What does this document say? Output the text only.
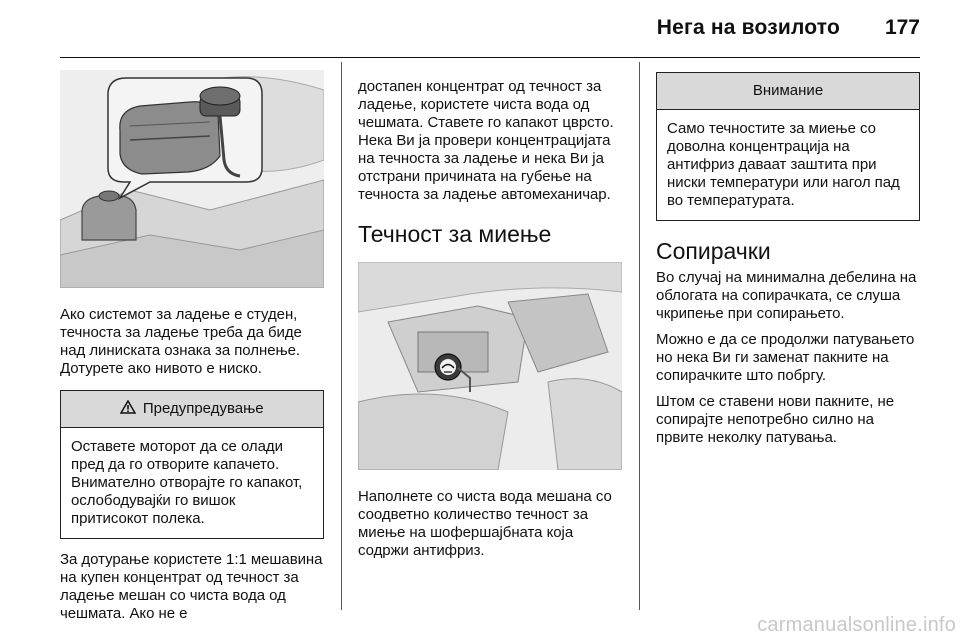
Нега на возилото	177

Ако системот за ладење е студен, течноста за ладење треба да биде над линиската ознака за полнење. Дотурете ако нивото е ниско.

Предупредување

Оставете моторот да се олади пред да го отворите капачето. Внимателно отворајте го капакот, ослободувајќи го вишок притисокот полека.

За дотурање користете 1:1 мешавина на купен концентрат од течност за ладење мешан со чиста вода од чешмата. Ако не е

достапен концентрат од течност за ладење, користете чиста вода од чешмата. Ставете го капакот цврсто. Нека Ви ја провери концентрацијата на течноста за ладење и нека Ви ја отстрани причината на губење на течноста за ладење автомеханичар.

Течност за миење

Наполнете со чиста вода мешана со соодветно количество течност за миење на шофершајбната која содржи антифриз.

Внимание

Само течностите за миење со доволна концентрација на антифриз даваат заштита при ниски температури или нагол пад во температурата.

Сопирачки

Во случај на минимална дебелина на облогата на сопирачката, се слуша чкрипење при сопирањето.

Можно е да се продолжи патувањето но нека Ви ги заменат пакните на сопирачките што побргу.

Штом се ставени нови пакните, не сопирајте непотребно силно на првите неколку патувања.

carmanualsonline.info
